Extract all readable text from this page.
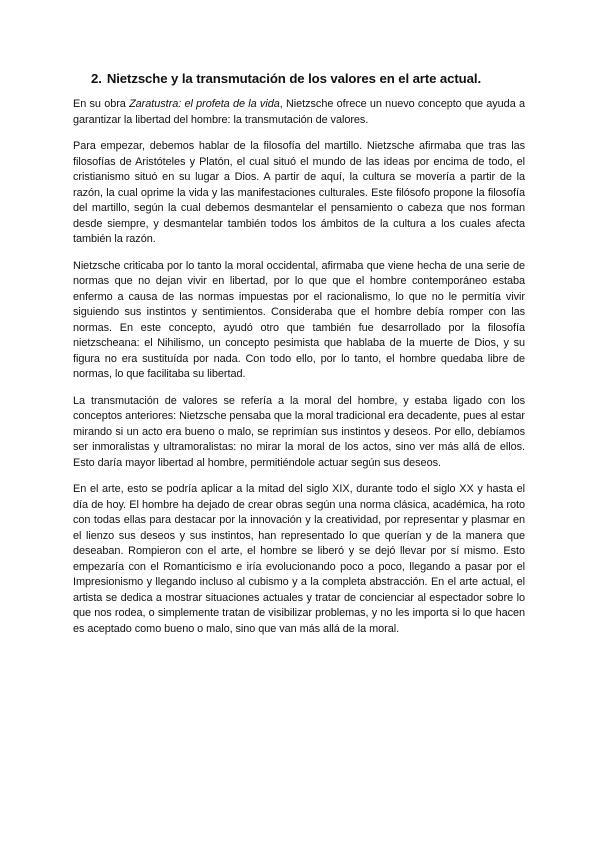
2. Nietzsche y la transmutación de los valores en el arte actual.

En su obra Zaratustra: el profeta de la vida, Nietzsche ofrece un nuevo concepto que ayuda a garantizar la libertad del hombre: la transmutación de valores.

Para empezar, debemos hablar de la filosofía del martillo. Nietzsche afirmaba que tras las filosofías de Aristóteles y Platón, el cual situó el mundo de las ideas por encima de todo, el cristianismo situó en su lugar a Dios. A partir de aquí, la cultura se movería a partir de la razón, la cual oprime la vida y las manifestaciones culturales. Este filósofo propone la filosofía del martillo, según la cual debemos desmantelar el pensamiento o cabeza que nos forman desde siempre, y desmantelar también todos los ámbitos de la cultura a los cuales afecta también la razón.

Nietzsche criticaba por lo tanto la moral occidental, afirmaba que viene hecha de una serie de normas que no dejan vivir en libertad, por lo que que el hombre contemporáneo estaba enfermo a causa de las normas impuestas por el racionalismo, lo que no le permitía vivir siguiendo sus instintos y sentimientos. Consideraba que el hombre debía romper con las normas. En este concepto, ayudó otro que también fue desarrollado por la filosofía nietzscheana: el Nihilismo, un concepto pesimista que hablaba de la muerte de Dios, y su figura no era sustituída por nada. Con todo ello, por lo tanto, el hombre quedaba libre de normas, lo que facilitaba su libertad.

La transmutación de valores se refería a la moral del hombre, y estaba ligado con los conceptos anteriores: Nietzsche pensaba que la moral tradicional era decadente, pues al estar mirando si un acto era bueno o malo, se reprimían sus instintos y deseos. Por ello, debíamos ser inmoralistas y ultramoralistas: no mirar la moral de los actos, sino ver más allá de ellos. Esto daría mayor libertad al hombre, permitiéndole actuar según sus deseos.

En el arte, esto se podría aplicar a la mitad del siglo XIX, durante todo el siglo XX y hasta el día de hoy. El hombre ha dejado de crear obras según una norma clásica, académica, ha roto con todas ellas para destacar por la innovación y la creatividad, por representar y plasmar en el lienzo sus deseos y sus instintos, han representado lo que querían y de la manera que deseaban. Rompieron con el arte, el hombre se liberó y se dejó llevar por sí mismo. Esto empezaría con el Romanticismo e iría evolucionando poco a poco, llegando a pasar por el Impresionismo y llegando incluso al cubismo y a la completa abstracción. En el arte actual, el artista se dedica a mostrar situaciones actuales y tratar de concienciar al espectador sobre lo que nos rodea, o simplemente tratan de visibilizar problemas, y no les importa si lo que hacen es aceptado como bueno o malo, sino que van más allá de la moral.
